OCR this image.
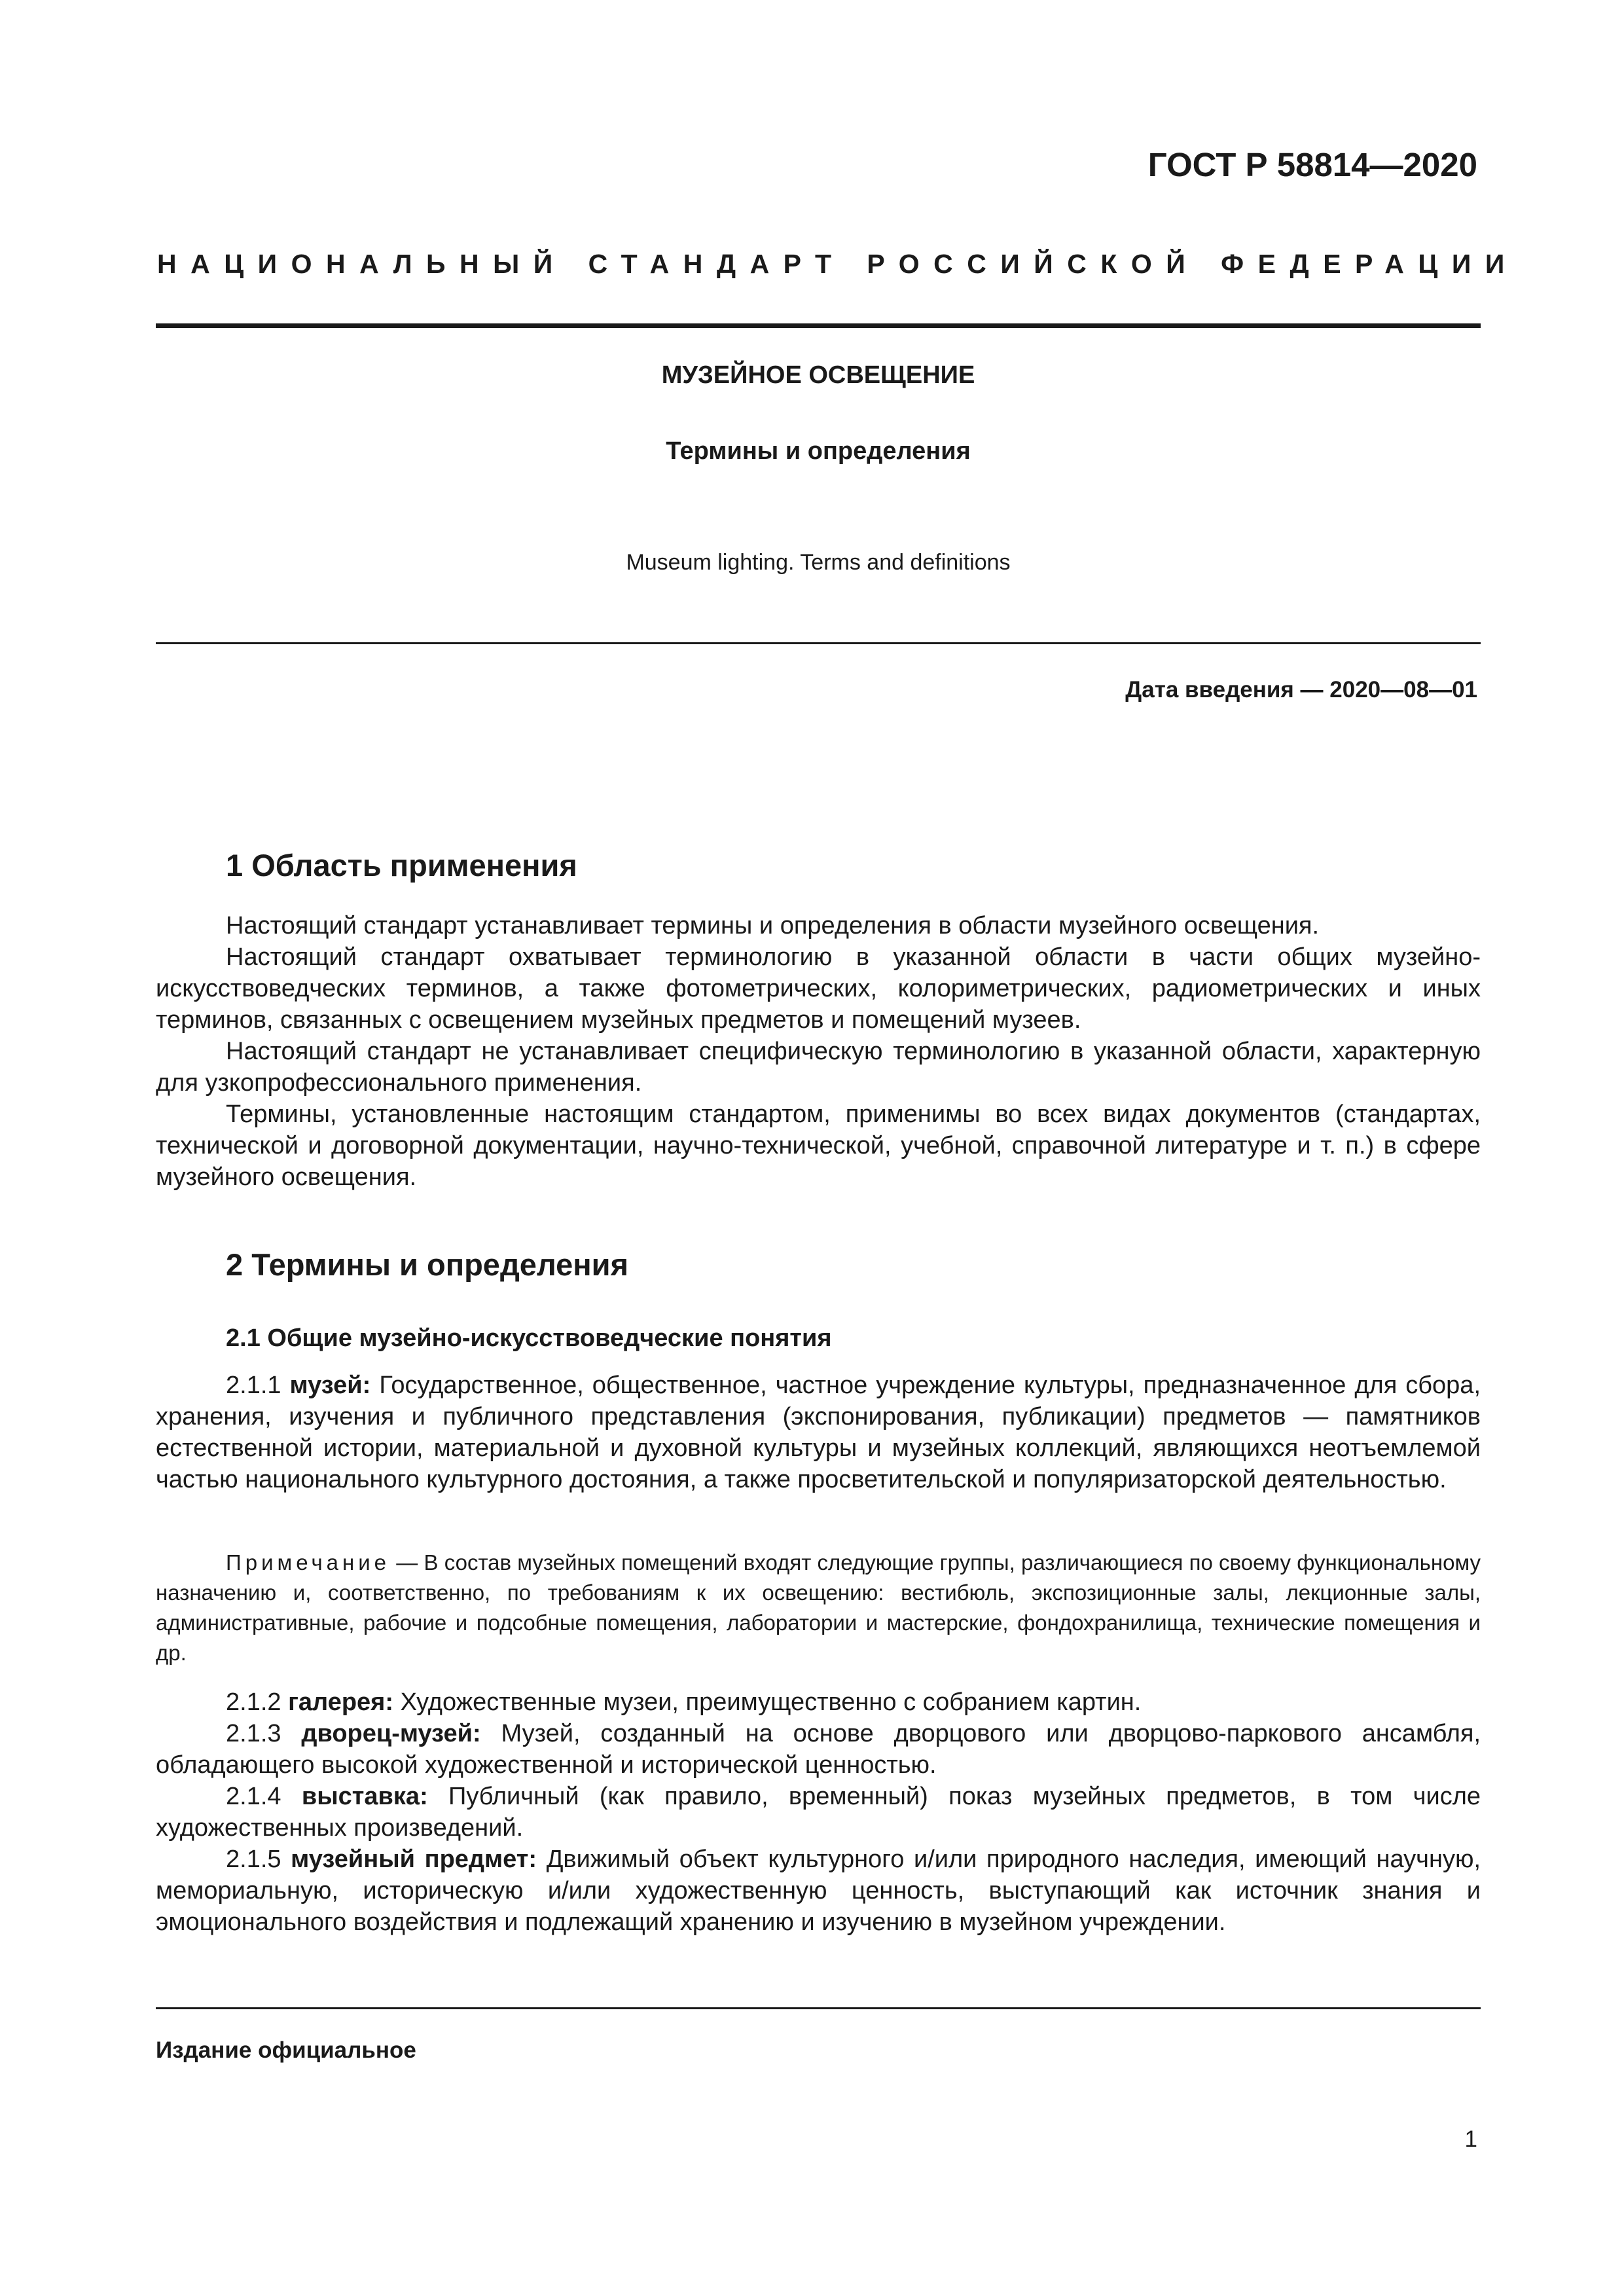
ГОСТ Р 58814—2020
НАЦИОНАЛЬНЫЙ СТАНДАРТ РОССИЙСКОЙ ФЕДЕРАЦИИ
МУЗЕЙНОЕ ОСВЕЩЕНИЕ
Термины и определения
Museum lighting. Terms and definitions
Дата введения — 2020—08—01
1 Область применения
Настоящий стандарт устанавливает термины и определения в области музейного освещения.
Настоящий стандарт охватывает терминологию в указанной области в части общих музейно-искусствоведческих терминов, а также фотометрических, колориметрических, радиометрических и иных терминов, связанных с освещением музейных предметов и помещений музеев.
Настоящий стандарт не устанавливает специфическую терминологию в указанной области, характерную для узкопрофессионального применения.
Термины, установленные настоящим стандартом, применимы во всех видах документов (стандартах, технической и договорной документации, научно-технической, учебной, справочной литературе и т. п.) в сфере музейного освещения.
2 Термины и определения
2.1 Общие музейно-искусствоведческие понятия
2.1.1 музей: Государственное, общественное, частное учреждение культуры, предназначенное для сбора, хранения, изучения и публичного представления (экспонирования, публикации) предметов — памятников естественной истории, материальной и духовной культуры и музейных коллекций, являющихся неотъемлемой частью национального культурного достояния, а также просветительской и популяризаторской деятельностью.
Примечание — В состав музейных помещений входят следующие группы, различающиеся по своему функциональному назначению и, соответственно, по требованиям к их освещению: вестибюль, экспозиционные залы, лекционные залы, административные, рабочие и подсобные помещения, лаборатории и мастерские, фондохранилища, технические помещения и др.
2.1.2 галерея: Художественные музеи, преимущественно с собранием картин.
2.1.3 дворец-музей: Музей, созданный на основе дворцового или дворцово-паркового ансамбля, обладающего высокой художественной и исторической ценностью.
2.1.4 выставка: Публичный (как правило, временный) показ музейных предметов, в том числе художественных произведений.
2.1.5 музейный предмет: Движимый объект культурного и/или природного наследия, имеющий научную, мемориальную, историческую и/или художественную ценность, выступающий как источник знания и эмоционального воздействия и подлежащий хранению и изучению в музейном учреждении.
Издание официальное
1
